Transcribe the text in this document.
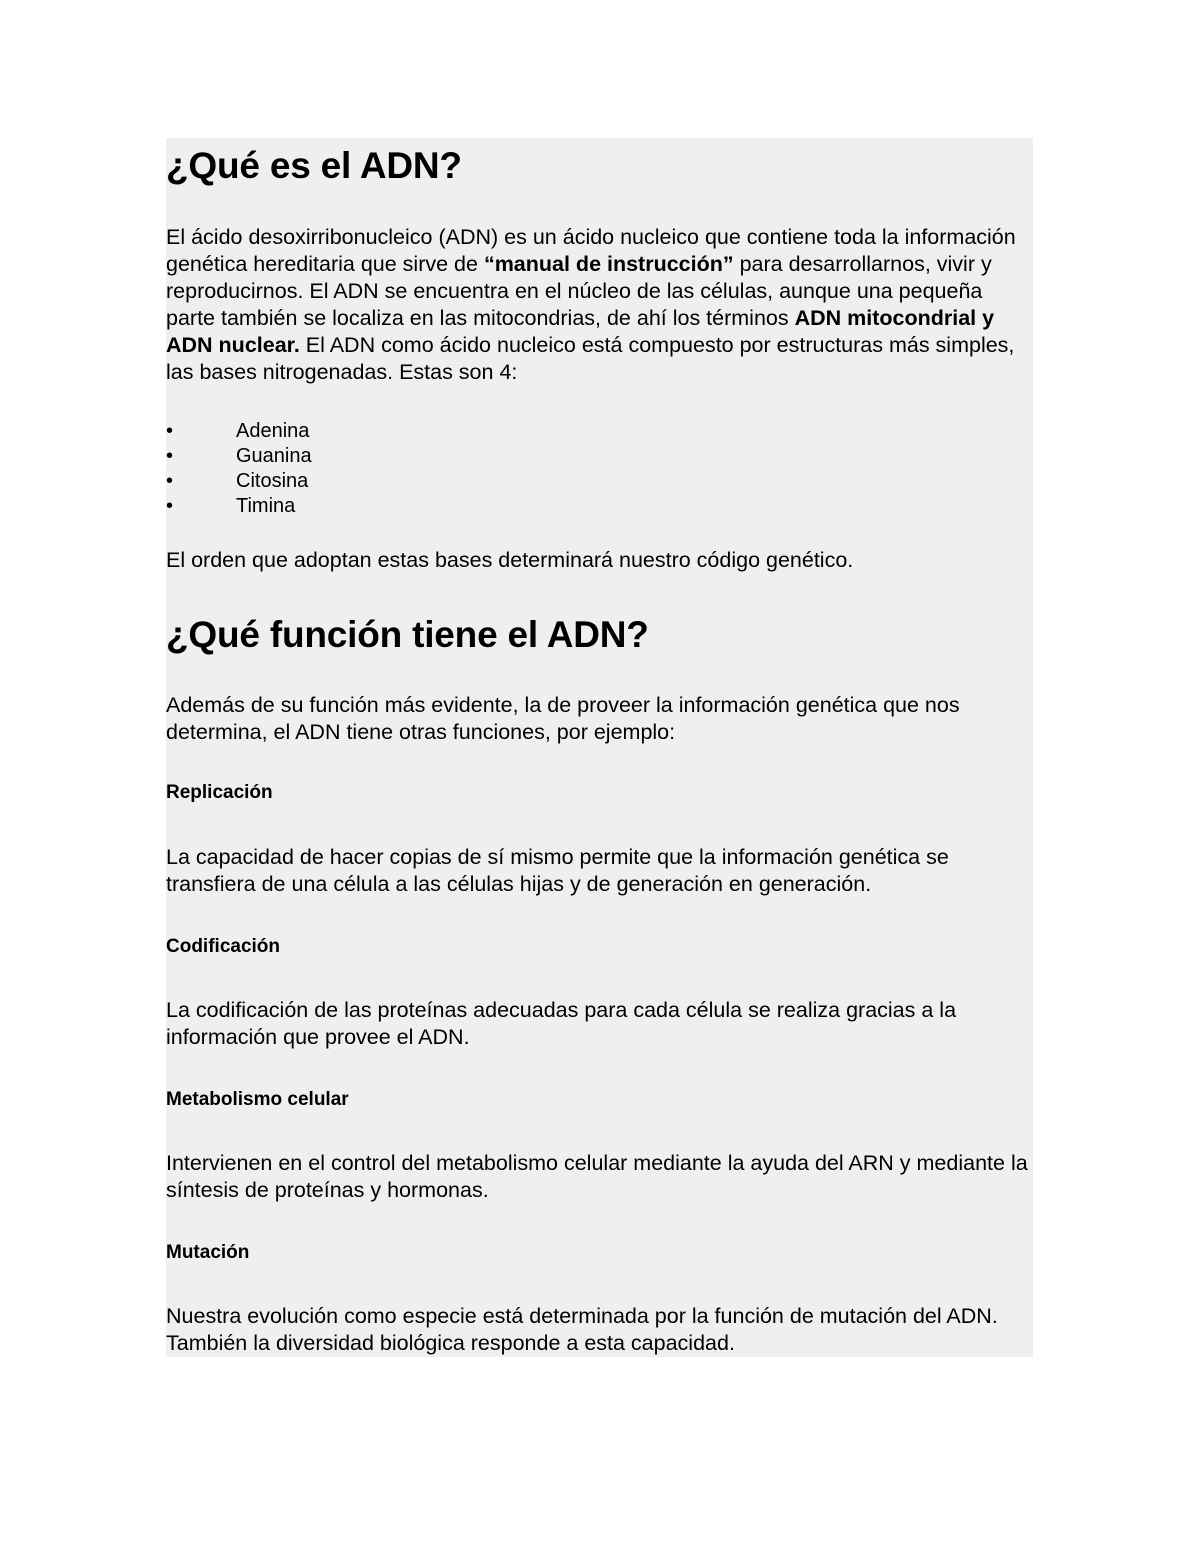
¿Qué es el ADN?

El ácido desoxirribonucleico (ADN) es un ácido nucleico que contiene toda la información genética hereditaria que sirve de “manual de instrucción” para desarrollarnos, vivir y reproducirnos. El ADN se encuentra en el núcleo de las células, aunque una pequeña parte también se localiza en las mitocondrias, de ahí los términos ADN mitocondrial y ADN nuclear. El ADN como ácido nucleico está compuesto por estructuras más simples, las bases nitrogenadas. Estas son 4:

•	Adenina
•	Guanina
•	Citosina
•	Timina

El orden que adoptan estas bases determinará nuestro código genético.

¿Qué función tiene el ADN?

Además de su función más evidente, la de proveer la información genética que nos determina, el ADN tiene otras funciones, por ejemplo:

Replicación

La capacidad de hacer copias de sí mismo permite que la información genética se transfiera de una célula a las células hijas y de generación en generación.

Codificación

La codificación de las proteínas adecuadas para cada célula se realiza gracias a la información que provee el ADN.

Metabolismo celular

Intervienen en el control del metabolismo celular mediante la ayuda del ARN y mediante la síntesis de proteínas y hormonas.

Mutación

Nuestra evolución como especie está determinada por la función de mutación del ADN. También la diversidad biológica responde a esta capacidad.
